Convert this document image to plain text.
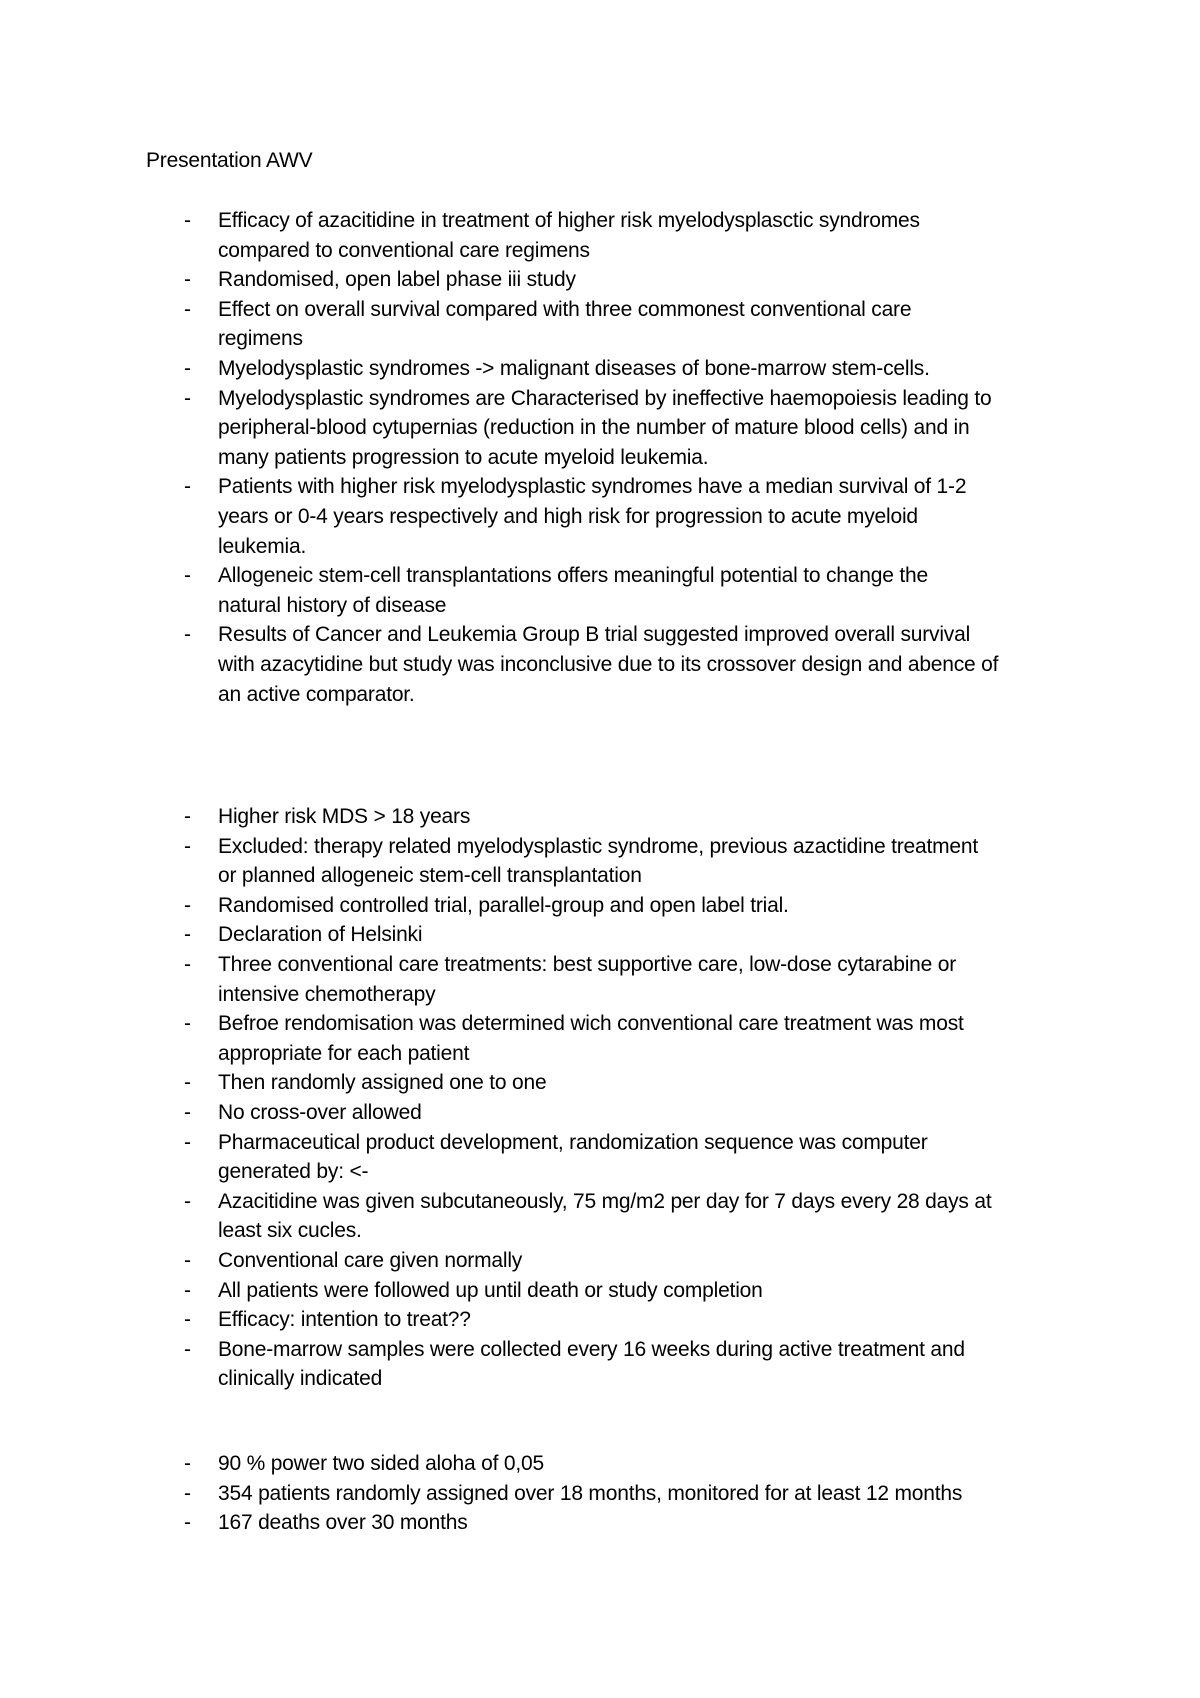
Presentation AWV
- Efficacy of azacitidine in treatment of higher risk myelodysplasctic syndromes
compared to conventional care regimens
- Randomised, open label phase iii study
- Effect on overall survival compared with three commonest conventional care
regimens
- Myelodysplastic syndromes -> malignant diseases of bone-marrow stem-cells.
- Myelodysplastic syndromes are Characterised by ineffective haemopoiesis leading to
peripheral-blood cytupernias (reduction in the number of mature blood cells) and in
many patients progression to acute myeloid leukemia.
- Patients with higher risk myelodysplastic syndromes have a median survival of 1-2
years or 0-4 years respectively and high risk for progression to acute myeloid
leukemia.
- Allogeneic stem-cell transplantations offers meaningful potential to change the
natural history of disease
- Results of Cancer and Leukemia Group B trial suggested improved overall survival
with azacytidine but study was inconclusive due to its crossover design and abence of
an active comparator.
- Higher risk MDS > 18 years
- Excluded: therapy related myelodysplastic syndrome, previous azactidine treatment
or planned allogeneic stem-cell transplantation
- Randomised controlled trial, parallel-group and open label trial.
- Declaration of Helsinki
- Three conventional care treatments: best supportive care, low-dose cytarabine or
intensive chemotherapy
- Befroe rendomisation was determined wich conventional care treatment was most
appropriate for each patient
- Then randomly assigned one to one
- No cross-over allowed
- Pharmaceutical product development, randomization sequence was computer
generated by: <-
- Azacitidine was given subcutaneously, 75 mg/m2 per day for 7 days every 28 days at
least six cucles.
- Conventional care given normally
- All patients were followed up until death or study completion
- Efficacy: intention to treat??
- Bone-marrow samples were collected every 16 weeks during active treatment and
clinically indicated
- 90 % power two sided aloha of 0,05
- 354 patients randomly assigned over 18 months, monitored for at least 12 months
- 167 deaths over 30 months
